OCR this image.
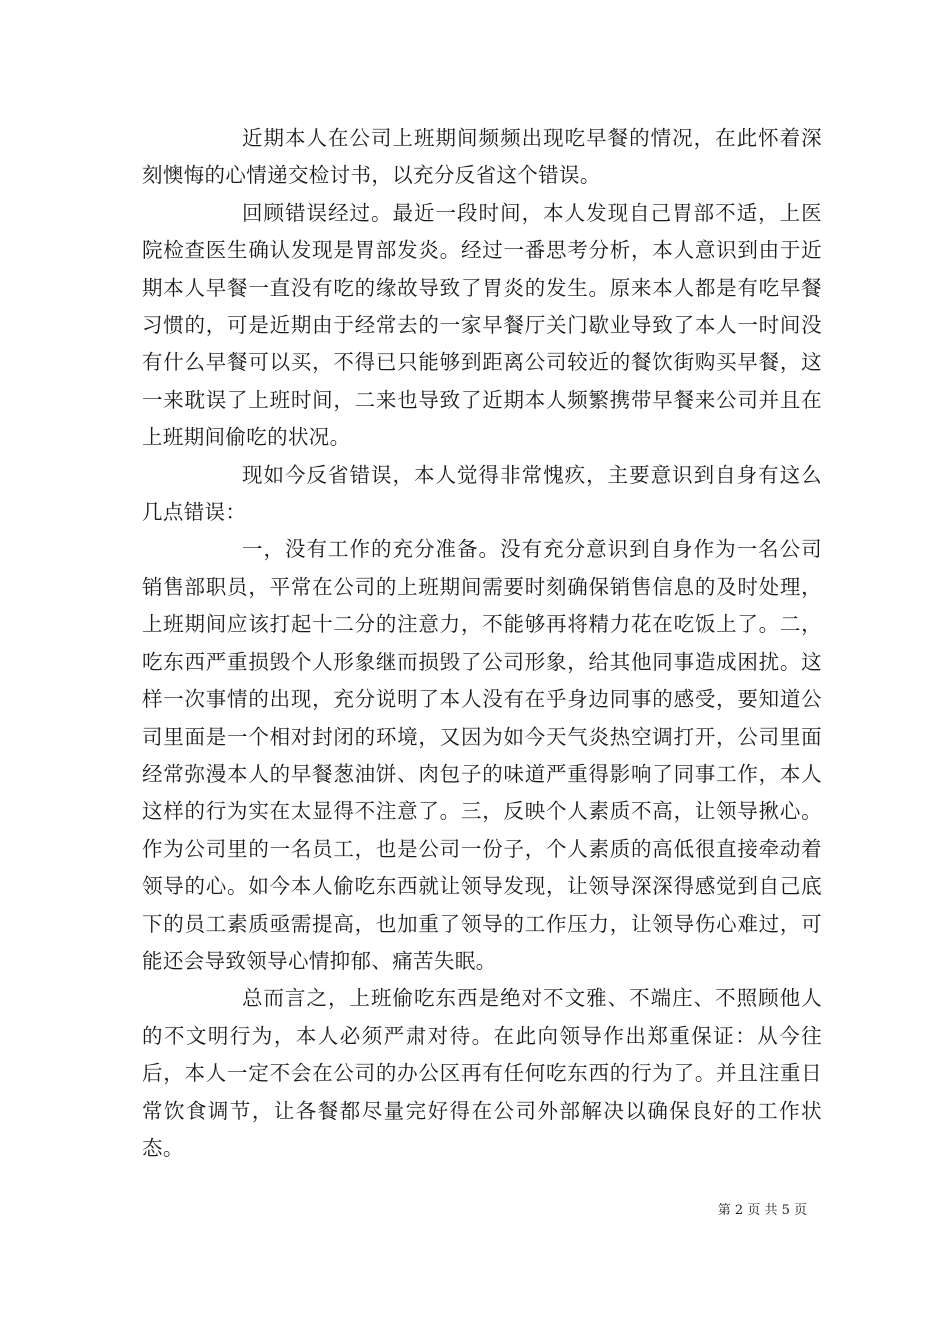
近期本人在公司上班期间频频出现吃早餐的情况，在此怀着深刻懊悔的心情递交检讨书，以充分反省这个错误。

回顾错误经过。最近一段时间，本人发现自己胃部不适，上医院检查医生确认发现是胃部发炎。经过一番思考分析，本人意识到由于近期本人早餐一直没有吃的缘故导致了胃炎的发生。原来本人都是有吃早餐习惯的，可是近期由于经常去的一家早餐厅关门歇业导致了本人一时间没有什么早餐可以买，不得已只能够到距离公司较近的餐饮街购买早餐，这一来耽误了上班时间，二来也导致了近期本人频繁携带早餐来公司并且在上班期间偷吃的状况。

现如今反省错误，本人觉得非常愧疚，主要意识到自身有这么几点错误：

一，没有工作的充分准备。没有充分意识到自身作为一名公司销售部职员，平常在公司的上班期间需要时刻确保销售信息的及时处理，上班期间应该打起十二分的注意力，不能够再将精力花在吃饭上了。二，吃东西严重损毁个人形象继而损毁了公司形象，给其他同事造成困扰。这样一次事情的出现，充分说明了本人没有在乎身边同事的感受，要知道公司里面是一个相对封闭的环境，又因为如今天气炎热空调打开，公司里面经常弥漫本人的早餐葱油饼、肉包子的味道严重得影响了同事工作，本人这样的行为实在太显得不注意了。三，反映个人素质不高，让领导揪心。作为公司里的一名员工，也是公司一份子，个人素质的高低很直接牵动着领导的心。如今本人偷吃东西就让领导发现，让领导深深得感觉到自己底下的员工素质亟需提高，也加重了领导的工作压力，让领导伤心难过，可能还会导致领导心情抑郁、痛苦失眠。

总而言之，上班偷吃东西是绝对不文雅、不端庄、不照顾他人的不文明行为，本人必须严肃对待。在此向领导作出郑重保证：从今往后，本人一定不会在公司的办公区再有任何吃东西的行为了。并且注重日常饮食调节，让各餐都尽量完好得在公司外部解决以确保良好的工作状态。

第 2 页 共 5 页
